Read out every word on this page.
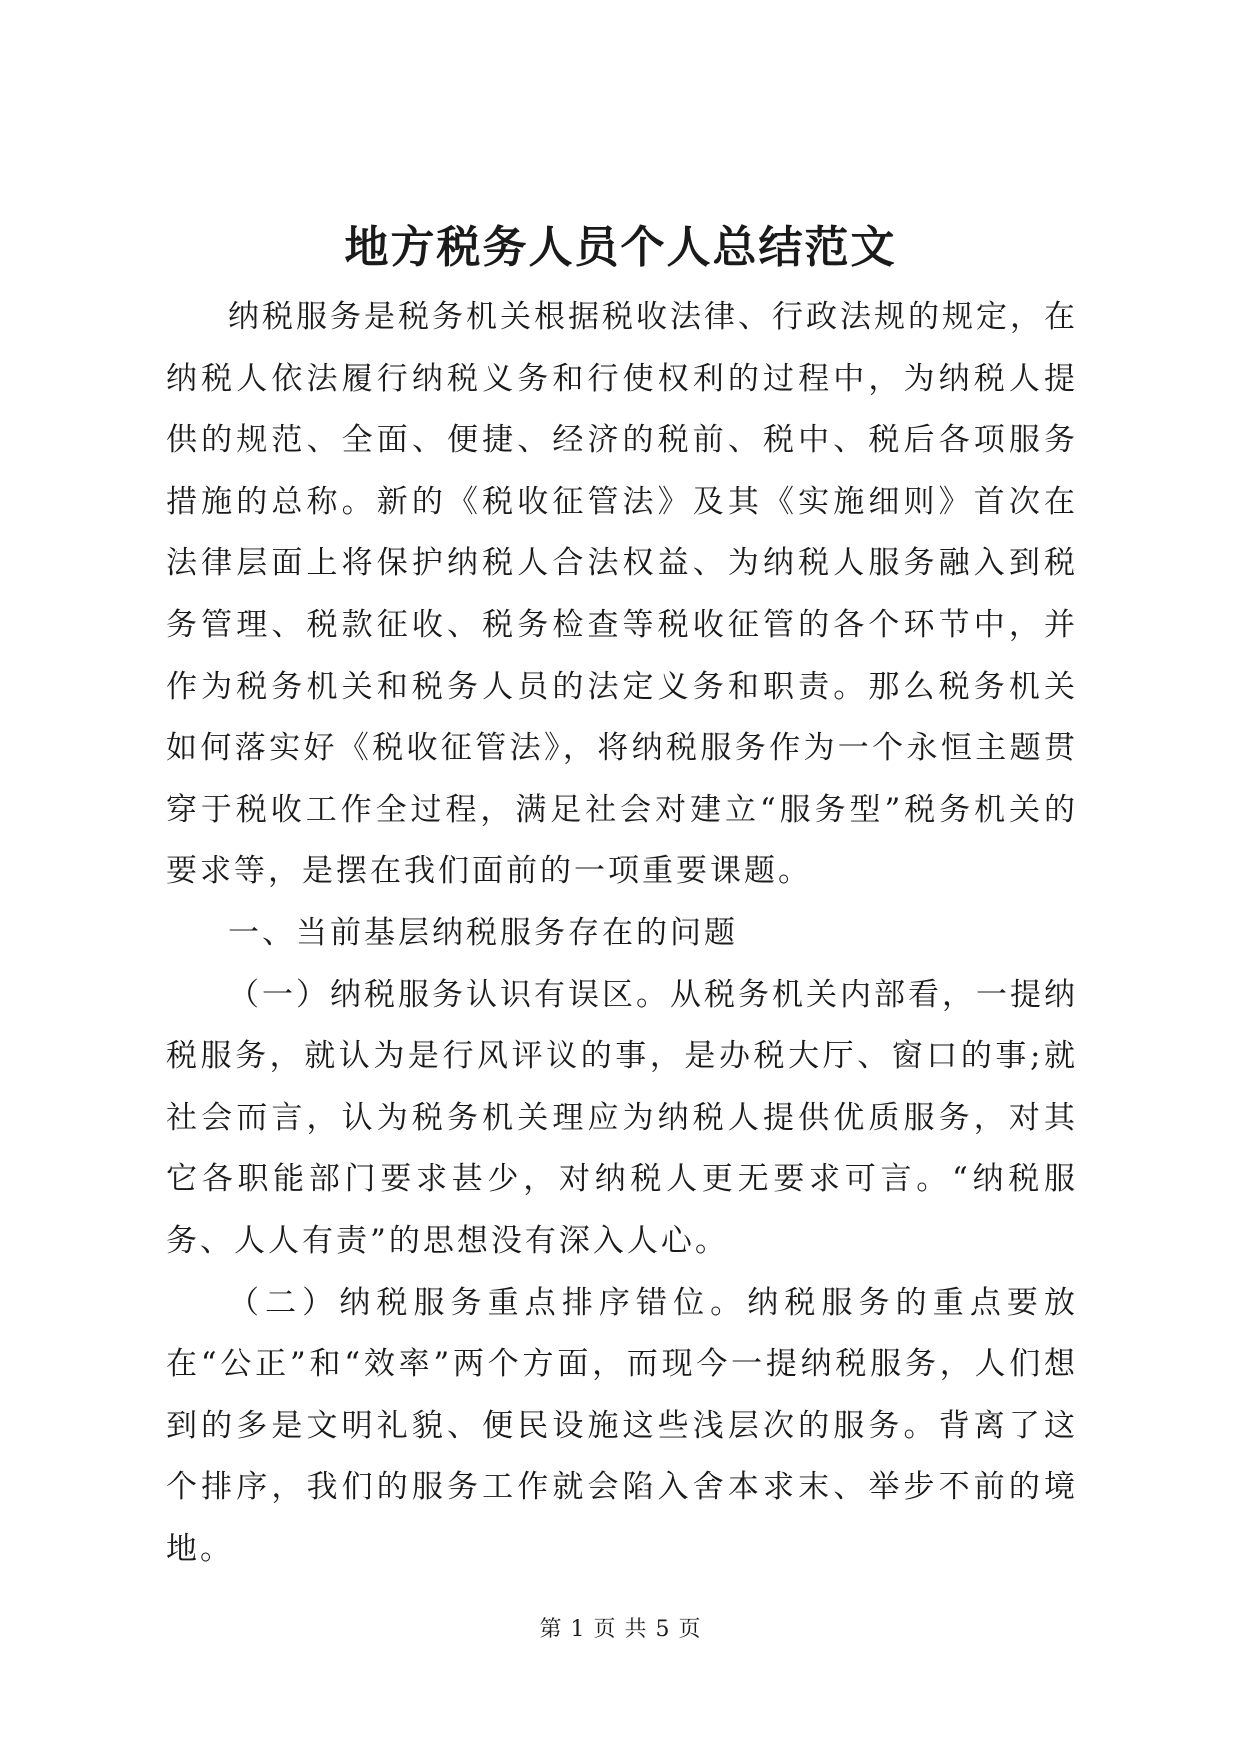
地方税务人员个人总结范文

纳税服务是税务机关根据税收法律、行政法规的规定，在纳税人依法履行纳税义务和行使权利的过程中，为纳税人提供的规范、全面、便捷、经济的税前、税中、税后各项服务措施的总称。新的《税收征管法》及其《实施细则》首次在法律层面上将保护纳税人合法权益、为纳税人服务融入到税务管理、税款征收、税务检查等税收征管的各个环节中，并作为税务机关和税务人员的法定义务和职责。那么税务机关如何落实好《税收征管法》，将纳税服务作为一个永恒主题贯穿于税收工作全过程，满足社会对建立“服务型”税务机关的要求等，是摆在我们面前的一项重要课题。

一、当前基层纳税服务存在的问题

（一）纳税服务认识有误区。从税务机关内部看，一提纳税服务，就认为是行风评议的事，是办税大厅、窗口的事;就社会而言，认为税务机关理应为纳税人提供优质服务，对其它各职能部门要求甚少，对纳税人更无要求可言。“纳税服务、人人有责”的思想没有深入人心。

（二）纳税服务重点排序错位。纳税服务的重点要放在“公正”和“效率”两个方面，而现今一提纳税服务，人们想到的多是文明礼貌、便民设施这些浅层次的服务。背离了这个排序，我们的服务工作就会陷入舍本求末、举步不前的境地。

第 1 页 共 5 页
